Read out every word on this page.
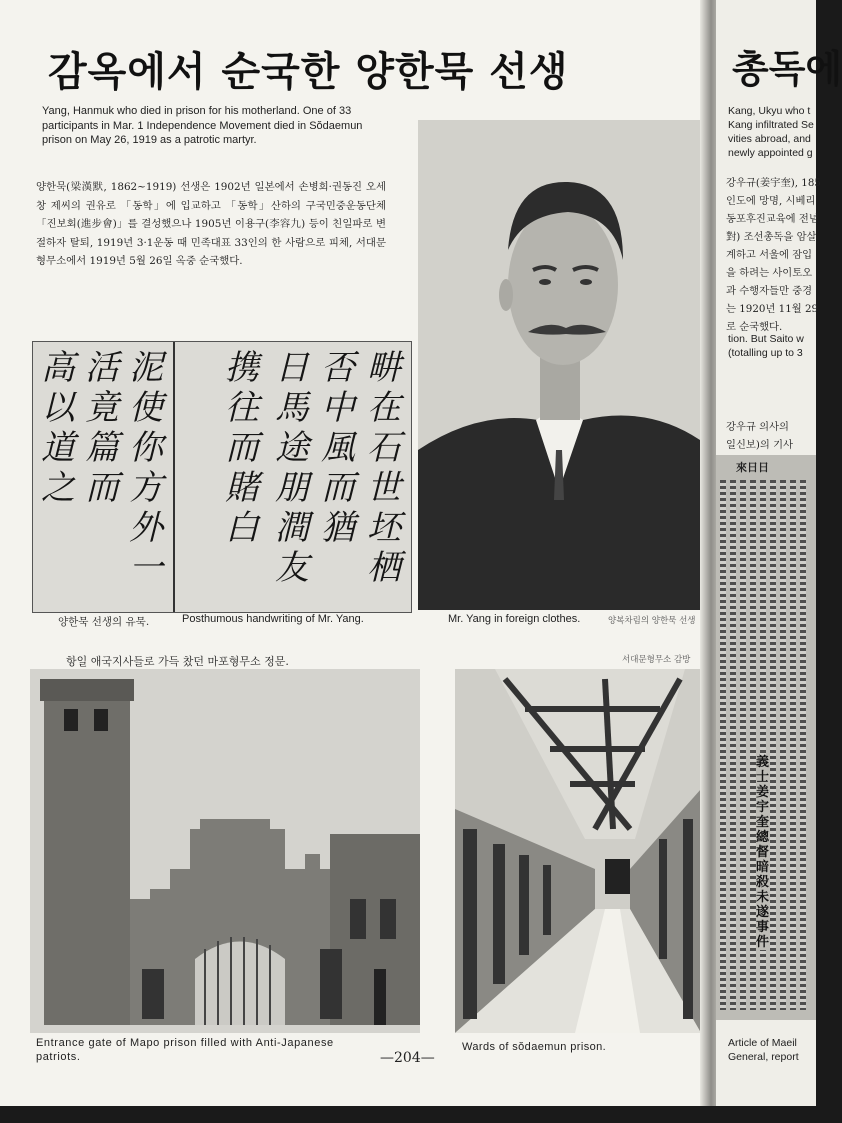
감옥에서 순국한 양한묵 선생
Yang, Hanmuk who died in prison for his motherland. One of 33 participants in Mar. 1 Independence Movement died in Sŏdaemun prison on May 26, 1919 as a patrotic martyr.
양한묵(梁漢默, 1862~1919) 선생은 1902년 일본에서 손병희·권동진 오세창 제씨의 권유로 「동학」에 입교하고 「동학」산하의 구국민중운동단체 「진보회(進步會)」를 결성했으나 1905년 이용구(李容九) 등이 친일파로 변절하자 탈퇴, 1919년 3·1운동 때 민족대표 33인의 한 사람으로 피체, 서대문형무소에서 1919년 5월 26일 옥중 순국했다.
畊
在
石
世
坯
栖
否
中
風
而
猶
日
馬
途
朋
澗
友
携
往
而
賭
白
泥
使
你
方
外
一
活
竟
篇
而
高
以
道
之
양한묵 선생의 유묵.	Posthumous handwriting of Mr. Yang.	Mr. Yang in foreign clothes.	양복차림의 양한묵 선생
항일 애국지사들로 가득 찼던 마포형무소 정문.	서대문형무소 감방
Entrance gate of Mapo prison filled with Anti-Japanese patriots.
Wards of sŏdaemun prison.
—204—
총독에
Kang, Ukyu who t
Kang infiltrated Se
vities abroad, and
newly appointed g
강우규(姜宇奎), 185
인도에 망명, 시베리
동포후진교육에 전념
對) 조선총독을 암살
계하고 서울에 잠입
을 하려는 사이토오
과 수행자들만 중경
는 1920년 11월 29
로 순국했다.
tion. But Saito w
(totalling up to 3
강우규 의사의
일신보)의 기사
來日日
義士 姜宇奎 總督 暗殺 未遂 事件
Article of Maeil
General, report
